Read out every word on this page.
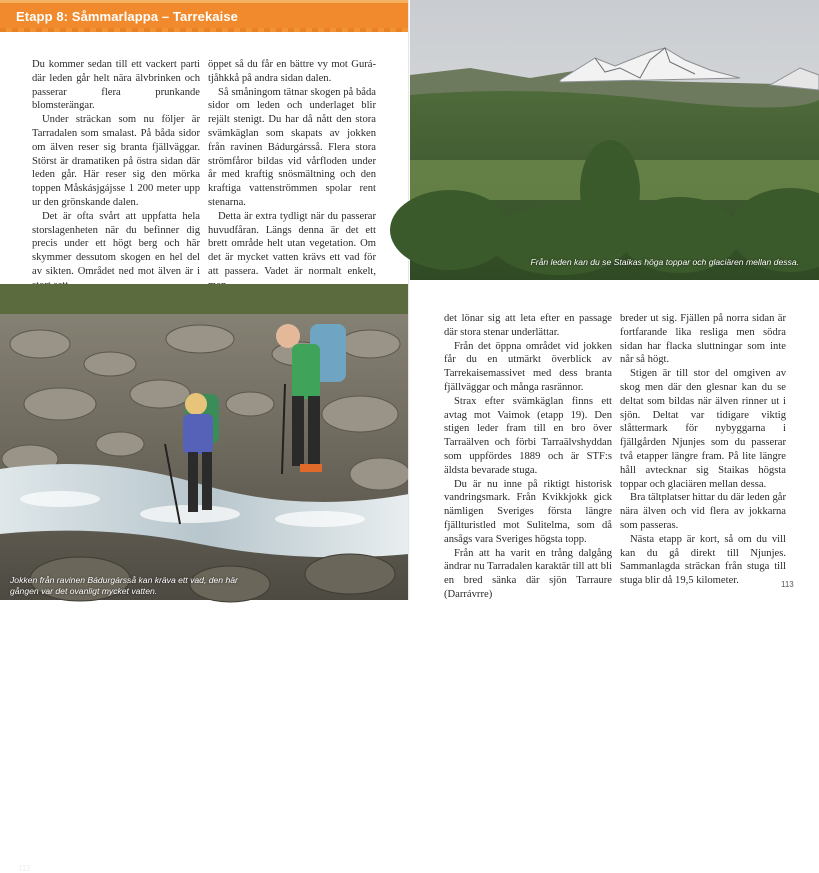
Etapp 8: Såmmarlappa – Tarrekaise

Du kommer sedan till ett vackert parti där leden går helt nära älvbrinken och passerar flera prunkande blomsterängar.

Under sträckan som nu följer är Tarradalen som smalast. På båda sidor om älven reser sig branta fjällväggar. Störst är dramatiken på östra sidan där leden går. Här reser sig den mörka toppen Måskásjgájsse 1 200 meter upp ur den grönskande dalen.

Det är ofta svårt att uppfatta hela storslagenheten när du befinner dig precis under ett högt berg och här skymmer dessutom skogen en hel del av sikten. Området ned mot älven är i

öppet så du får en bättre vy mot Gurá-tjåhkkå på andra sidan dalen.

Så småningom tätnar skogen på båda sidor om leden och underlaget blir rejält stenigt. Du har då nått den stora svämkäglan som skapats av jokken från ravinen Bádurgársså. Flera stora strömfåror bildas vid vårfloden under år med kraftig snösmältning och den kraftiga vattenströmmen spolar rent stenarna.

Detta är extra tydligt när du passerar huvudfåran. Längs denna är det ett brett område helt utan vegetation. Om det är mycket vatten krävs ett vad för att passera. Vadet är normalt enkelt,

Jokken från ravinen Bádurgársså kan kräva ett vad, den här gången var det ovanligt mycket vatten.
112
Från leden kan du se Staikas höga toppar och glaciären mellan dessa.

det lönar sig att leta efter en passage där stora stenar underlättar.

Från det öppna området vid jokken får du en utmärkt överblick av Tarrekaisemassivet med dess branta fjällväggar och många rasrännor.

Strax efter svämkäglan finns ett avtag mot Vaimok (etapp 19). Den stigen leder fram till en bro över Tarraälven och förbi Tarraälvshyddan som uppfördes 1889 och är STF:s äldsta bevarade stuga.

Du är nu inne på riktigt historisk vandringsmark. Från Kvikkjokk gick nämligen Sveriges första längre fjällturistled mot Sulitelma, som då ansågs vara Sveriges högsta topp.

Från att ha varit en trång dalgång ändrar nu Tarradalen karaktär till att bli en bred sänka där sjön Tarraure (Darrávrre)

breder ut sig. Fjällen på norra sidan är fortfarande lika resliga men södra sidan har flacka sluttningar som inte når så högt.

Stigen är till stor del omgiven av skog men där den glesnar kan du se deltat som bildas när älven rinner ut i sjön. Deltat var tidigare viktig slåttermark för nybyggarna i fjällgården Njunjes som du passerar två etapper längre fram. På lite längre håll avtecknar sig Staikas högsta toppar och glaciären mellan dessa.

Bra tältplatser hittar du där leden går nära älven och vid flera av jokkarna som passeras.

Nästa etapp är kort, så om du vill kan du gå direkt till Njunjes. Sammanlagda sträckan från stuga till stuga blir då 19,5 kilometer.	113
